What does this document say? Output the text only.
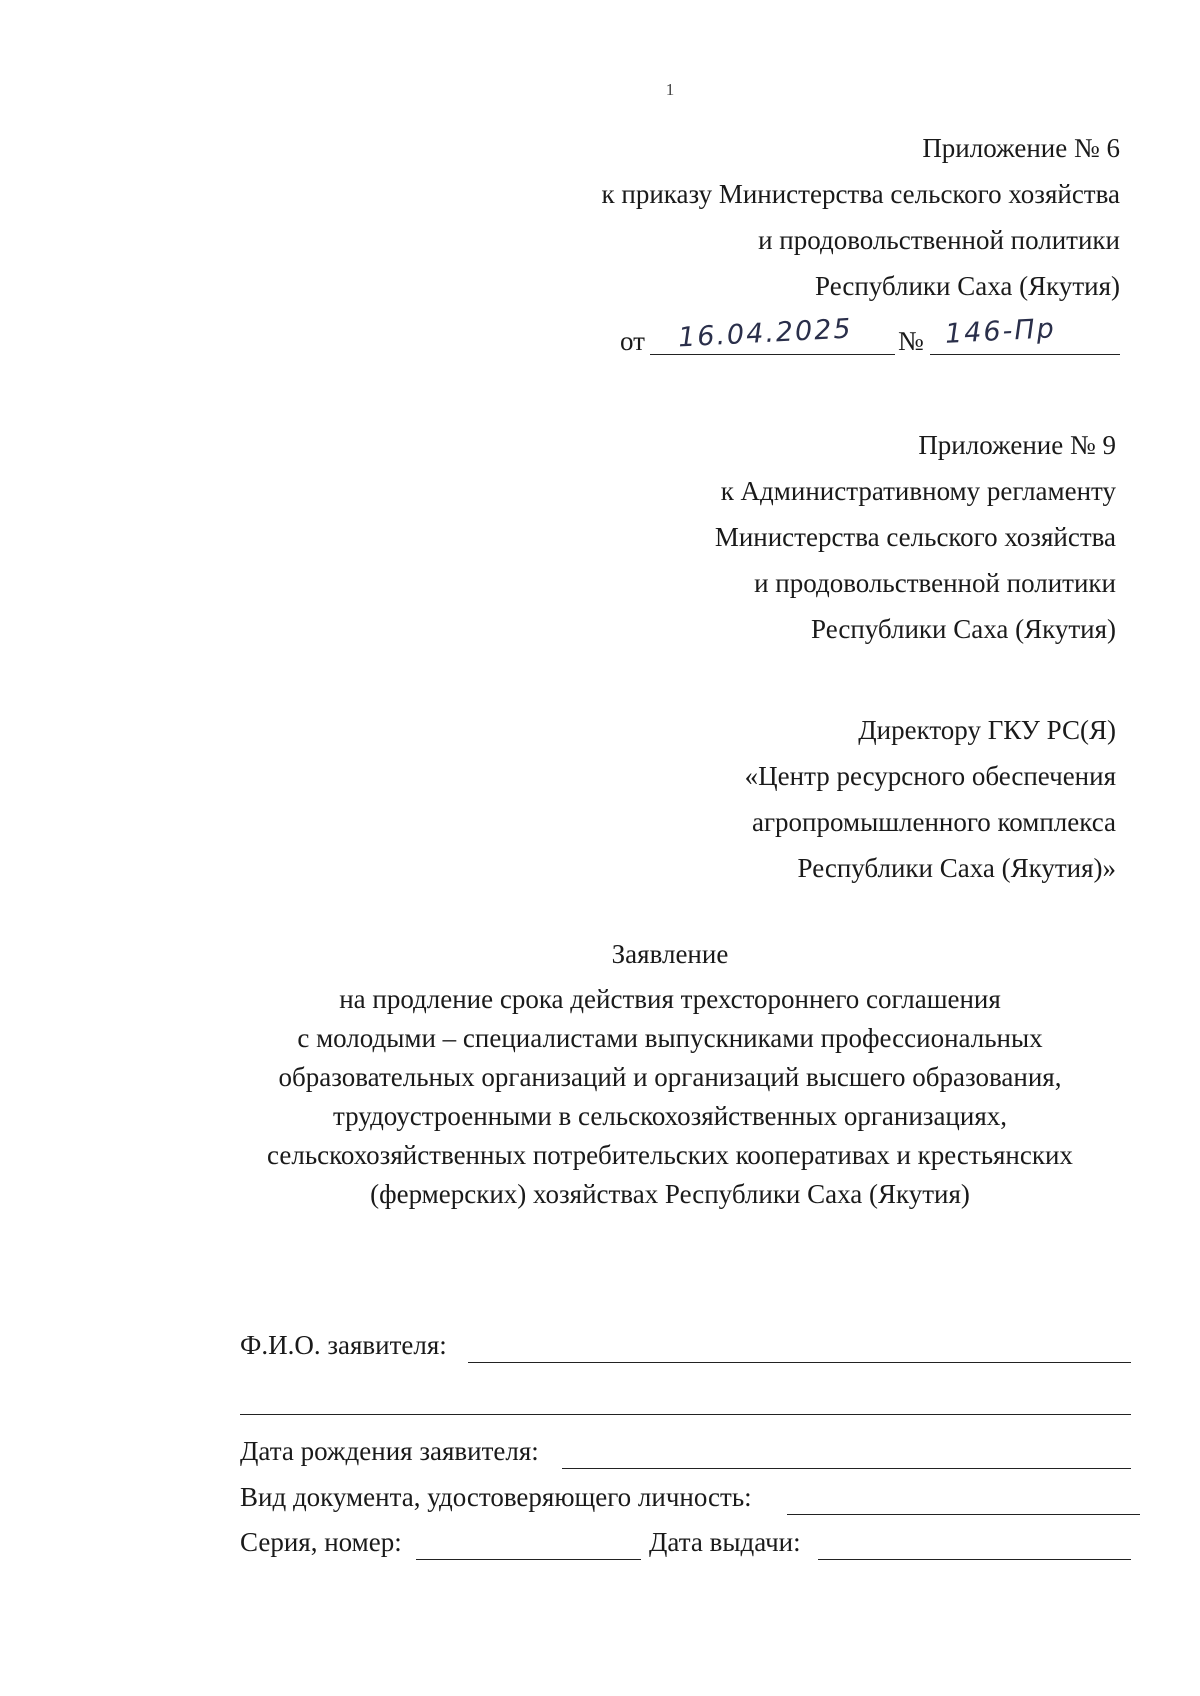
1
Приложение № 6
к приказу Министерства сельского хозяйства
и продовольственной политики
Республики Саха (Якутия)
от 16.04.2025 № 146-Пр
Приложение № 9
к Административному регламенту
Министерства сельского хозяйства
и продовольственной политики
Республики Саха (Якутия)
Директору ГКУ РС(Я)
«Центр ресурсного обеспечения
агропромышленного комплекса
Республики Саха (Якутия)»
Заявление
на продление срока действия трехстороннего соглашения
с молодыми – специалистами выпускниками профессиональных
образовательных организаций и организаций высшего образования,
трудоустроенными в сельскохозяйственных организациях,
сельскохозяйственных потребительских кооперативах и крестьянских
(фермерских) хозяйствах Республики Саха (Якутия)
Ф.И.О. заявителя:
Дата рождения заявителя:
Вид документа, удостоверяющего личность:
Серия, номер:	Дата выдачи:
